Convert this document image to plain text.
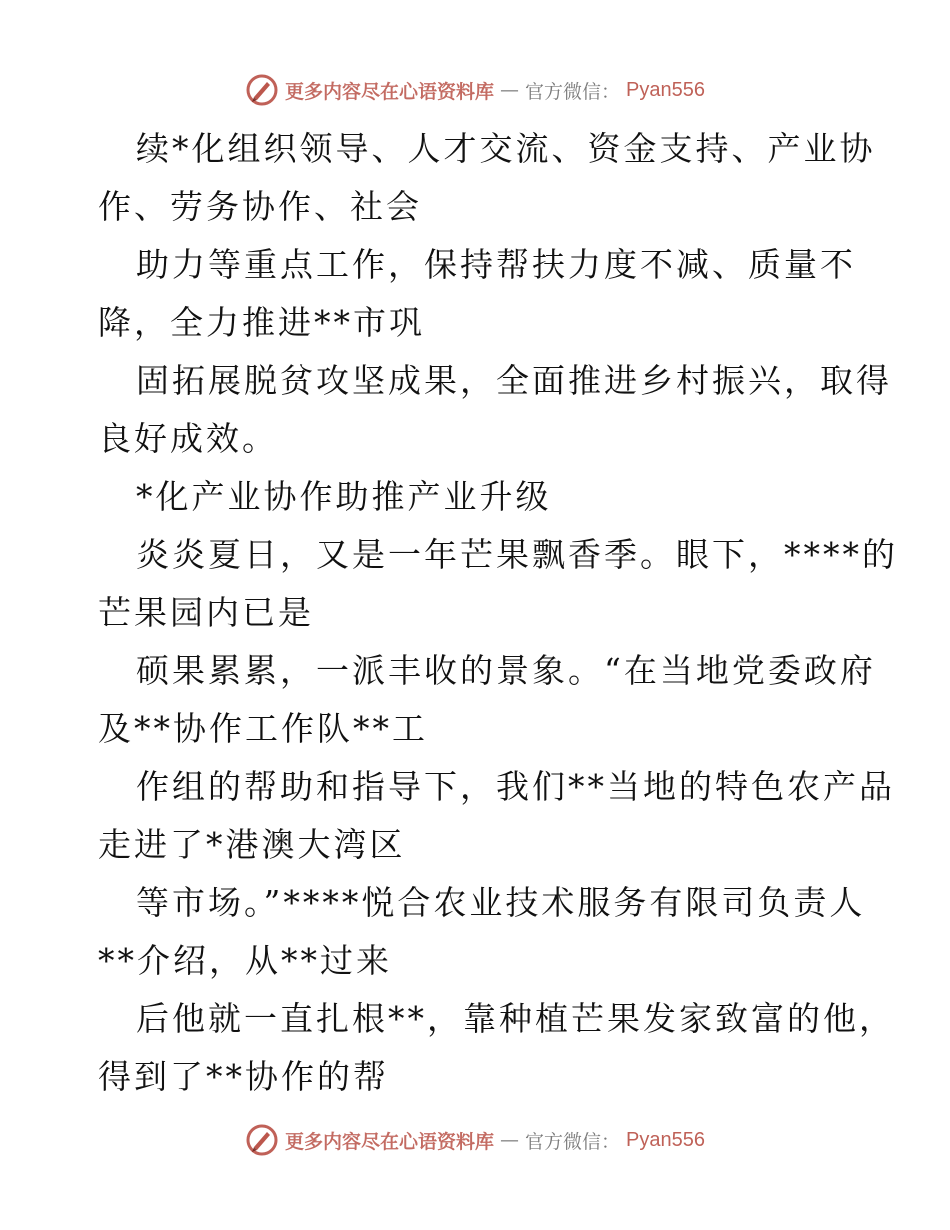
更多内容尽在心语资料库 — 官方微信： Pyan556
续*化组织领导、人才交流、资金支持、产业协
作、劳务协作、社会
助力等重点工作，保持帮扶力度不减、质量不
降，全力推进**市巩
固拓展脱贫攻坚成果，全面推进乡村振兴，取得
良好成效。
*化产业协作助推产业升级
炎炎夏日，又是一年芒果飘香季。眼下，****的
芒果园内已是
硕果累累，一派丰收的景象。“在当地党委政府
及**协作工作队**工
作组的帮助和指导下，我们**当地的特色农产品
走进了*港澳大湾区
等市场。”****悦合农业技术服务有限司负责人
**介绍，从**过来
后他就一直扎根**，靠种植芒果发家致富的他，
得到了**协作的帮
更多内容尽在心语资料库 — 官方微信： Pyan556
